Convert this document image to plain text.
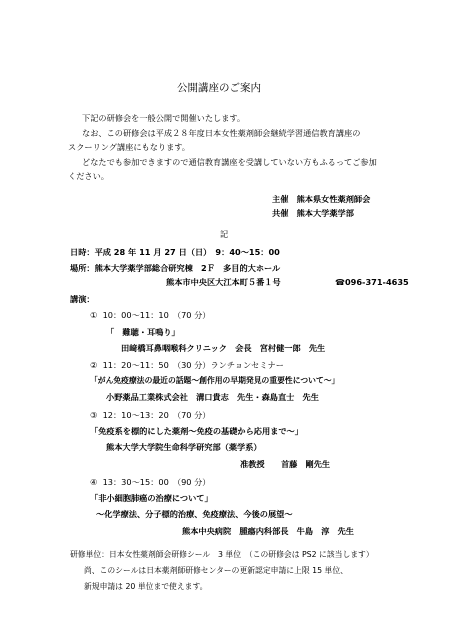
公開講座のご案内
下記の研修会を一般公開で開催いたします。
なお、この研修会は平成２８年度日本女性薬剤師会継続学習通信教育講座の
スクーリング講座にもなります。
どなたでも参加できますので通信教育講座を受講していない方もふるってご参加
ください。
主催　熊本県女性薬剤師会
共催　熊本大学薬学部
記
日時：平成 28 年 11 月 27 日（日）　9：40～15：00
場所：熊本大学薬学部総合研究棟　2Ｆ　多目的大ホール
熊本市中央区大江本町５番１号	☎096-371-4635
講演：
① 10：00～11：10　（70 分）
「　難聴・耳鳴り」
田﨑橋耳鼻咽喉科クリニック　会長　宮村健一郎　先生
② 11：20～11：50　（30 分）ランチョンセミナー
「がん免疫療法の最近の話題～創作用の早期発見の重要性について～」
小野薬品工業株式会社　溝口貴志　先生・森島直士　先生
③ 12：10～13：20　（70 分）
「免疫系を標的にした薬剤～免疫の基礎から応用まで～」
熊本大学大学院生命科学研究部（薬学系）
准教授　　首藤　剛先生
④ 13：30～15：00　（90 分）
「非小細胞肺癌の治療について」
～化学療法、分子標的治療、免疫療法、今後の展望～
熊本中央病院　腫瘍内科部長　牛島　淳　先生
研修単位：日本女性薬剤師会研修シール　3 単位　（この研修会は PS2 に該当します）
尚、このシールは日本薬剤師研修センターの更新認定申請に上限 15 単位、
新規申請は 20 単位まで使えます。
